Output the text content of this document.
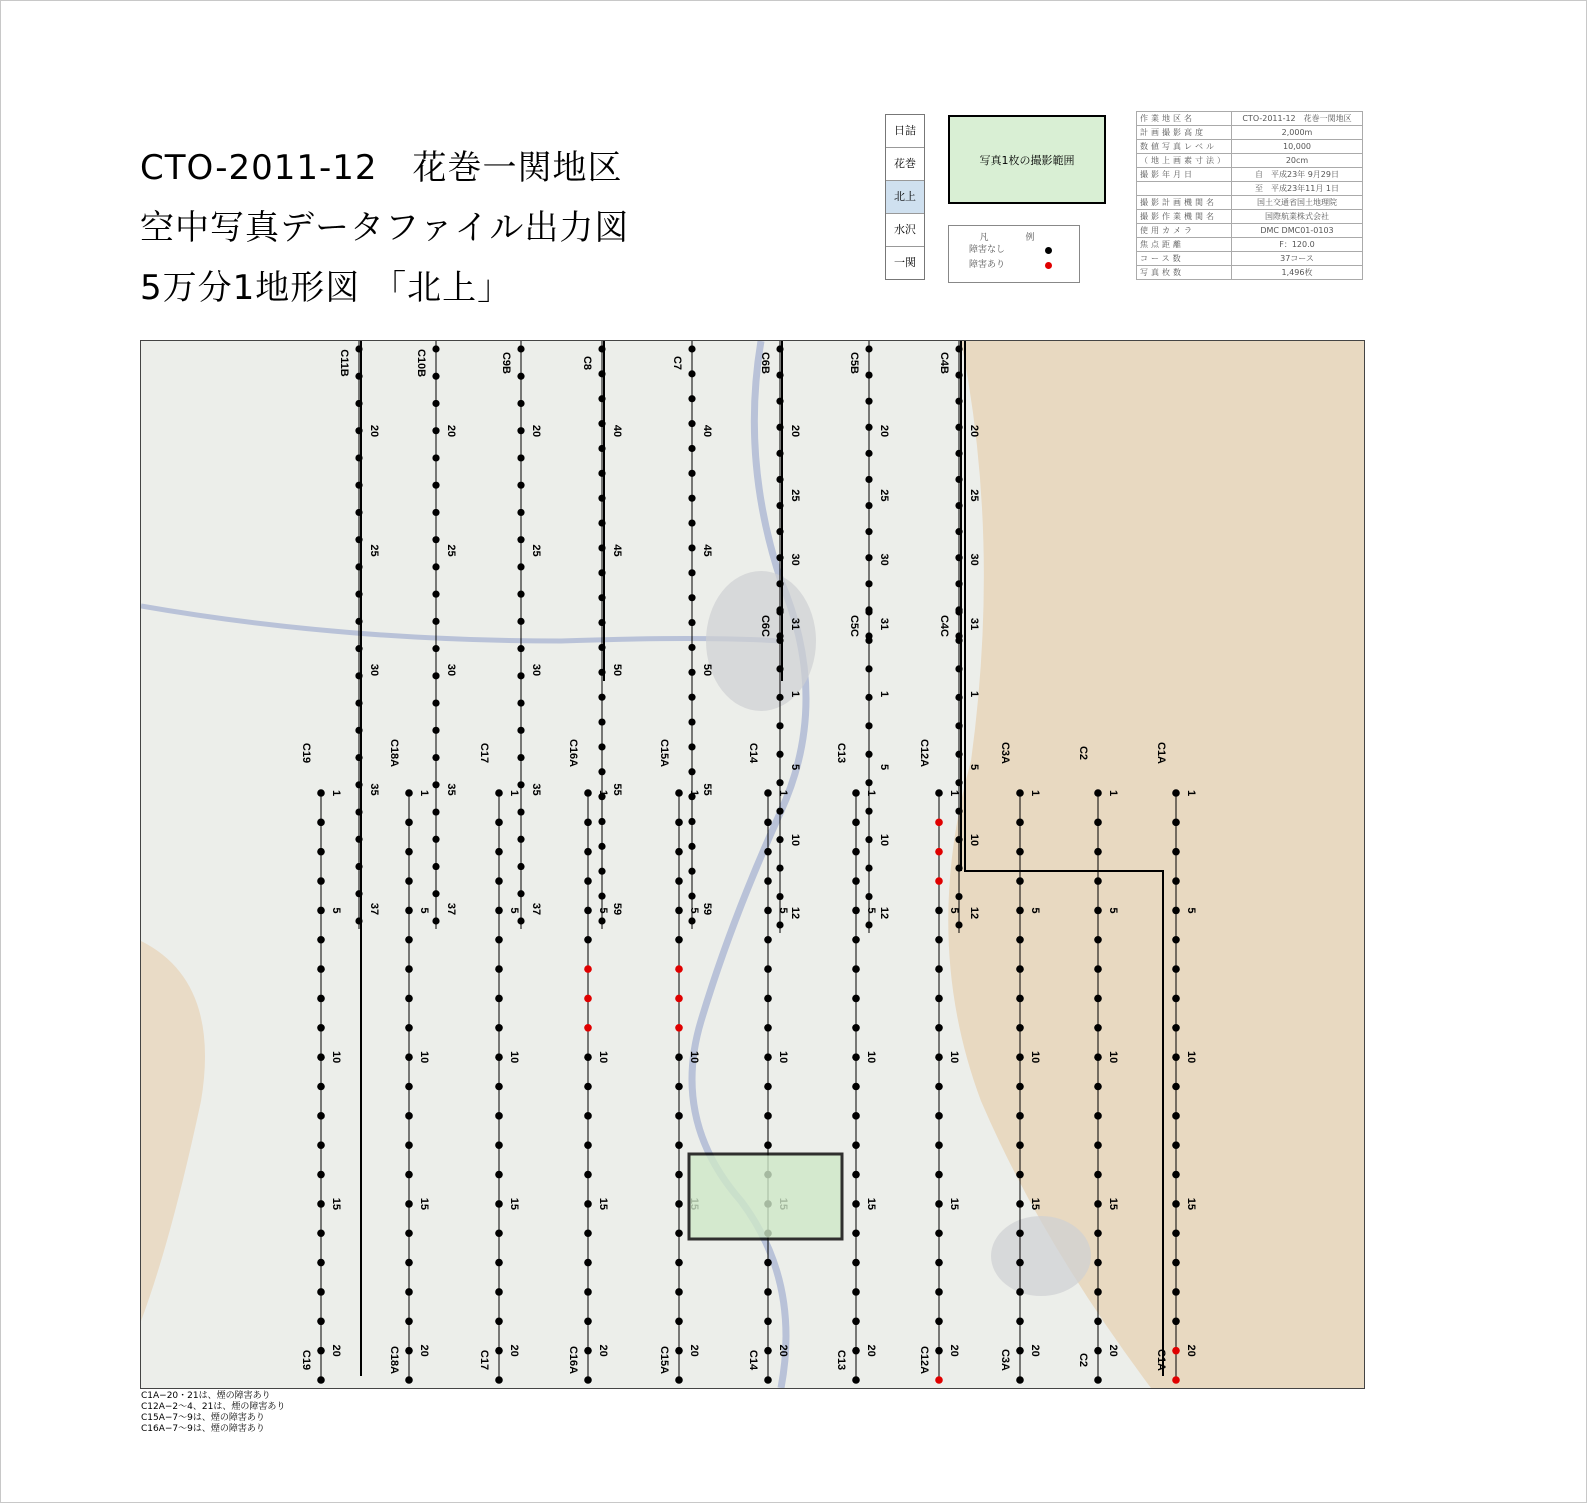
CTO-2011-12　花巻一関地区
空中写真データファイル出力図
5万分1地形図 「北上」
日詰
花巻
北上
水沢
一関
写真1枚の撮影範囲
凡　例
障害なし
障害あり
作業地区名	CTO-2011-12　花巻一関地区
計画撮影高度	2,000m
数値写真レベル	10,000
（地上画素寸法）	20cm
撮影年月日	自　平成23年 9月29日
	至　平成23年11月 1日
撮影計画機関名	国土交通省国土地理院
撮影作業機関名	国際航業株式会社
使用カメラ	DMC DMC01-0103
焦点距離	F：120.0
コース数	37コース
写真枚数	1,496枚
C11B
20
25
30
35
37
C10B
20
25
30
35
37
C9B
20
25
30
35
37
C8
40
45
50
55
59
C7
40
45
50
55
59
C6B
20
25
30
31
C5B
20
25
30
31
C4B
20
25
30
31
C6C
1
5
10
12
C5C
1
5
10
12
C4C
1
5
10
12
C19
C19
1
5
10
15
20
C18A
C18A
1
5
10
15
20
C17
C17
1
5
10
15
20
C16A
C16A
1
5
10
15
20
C15A
C15A
1
5
10
20
C14
C14
1
5
10
20
C13
C13
1
5
10
15
20
C12A
C12A
1
5
10
15
20
C3A
C3A
1
5
10
15
20
C2
C2
1
5
10
15
20
C1A
C1A
1
5
10
15
20
C1A−20・21は、煙の障害あり
C12A−2〜4、21は、煙の障害あり
C15A−7〜9は、煙の障害あり
C16A−7〜9は、煙の障害あり
